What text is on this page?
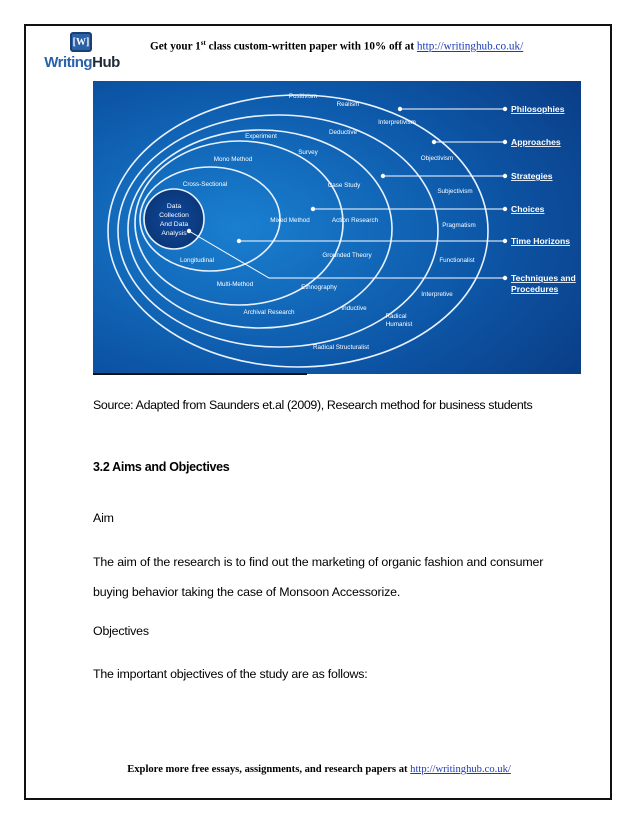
[W]
WritingHub
Get your 1st class custom-written paper with 10% off at http://writinghub.co.uk/
Positivism
Realism
Interpretivism
Experiment
Deductive
Survey
Mono Method	Objectivism
Cross-Sectional	Case Study
Subjectivism
Mixed Method	Action Research
Pragmatism
Grounded Theory
Longitudinal	Functionalist
Multi-Method	Ethnography
Interpretive
Archival Research
Inductive
Radical
Humanist
Radical Structuralist
Data
Collection
And Data
Analysis
Philosophies
Approaches
Strategies
Choices
Time Horizons
Techniques and
Procedures
Source: Adapted from Saunders et.al (2009), Research method for business students
3.2 Aims and Objectives
Aim
The aim of the research is to find out the marketing of organic fashion and consumer buying behavior taking the case of Monsoon Accessorize.
Objectives
The important objectives of the study are as follows:
Explore more free essays, assignments, and research papers at http://writinghub.co.uk/
